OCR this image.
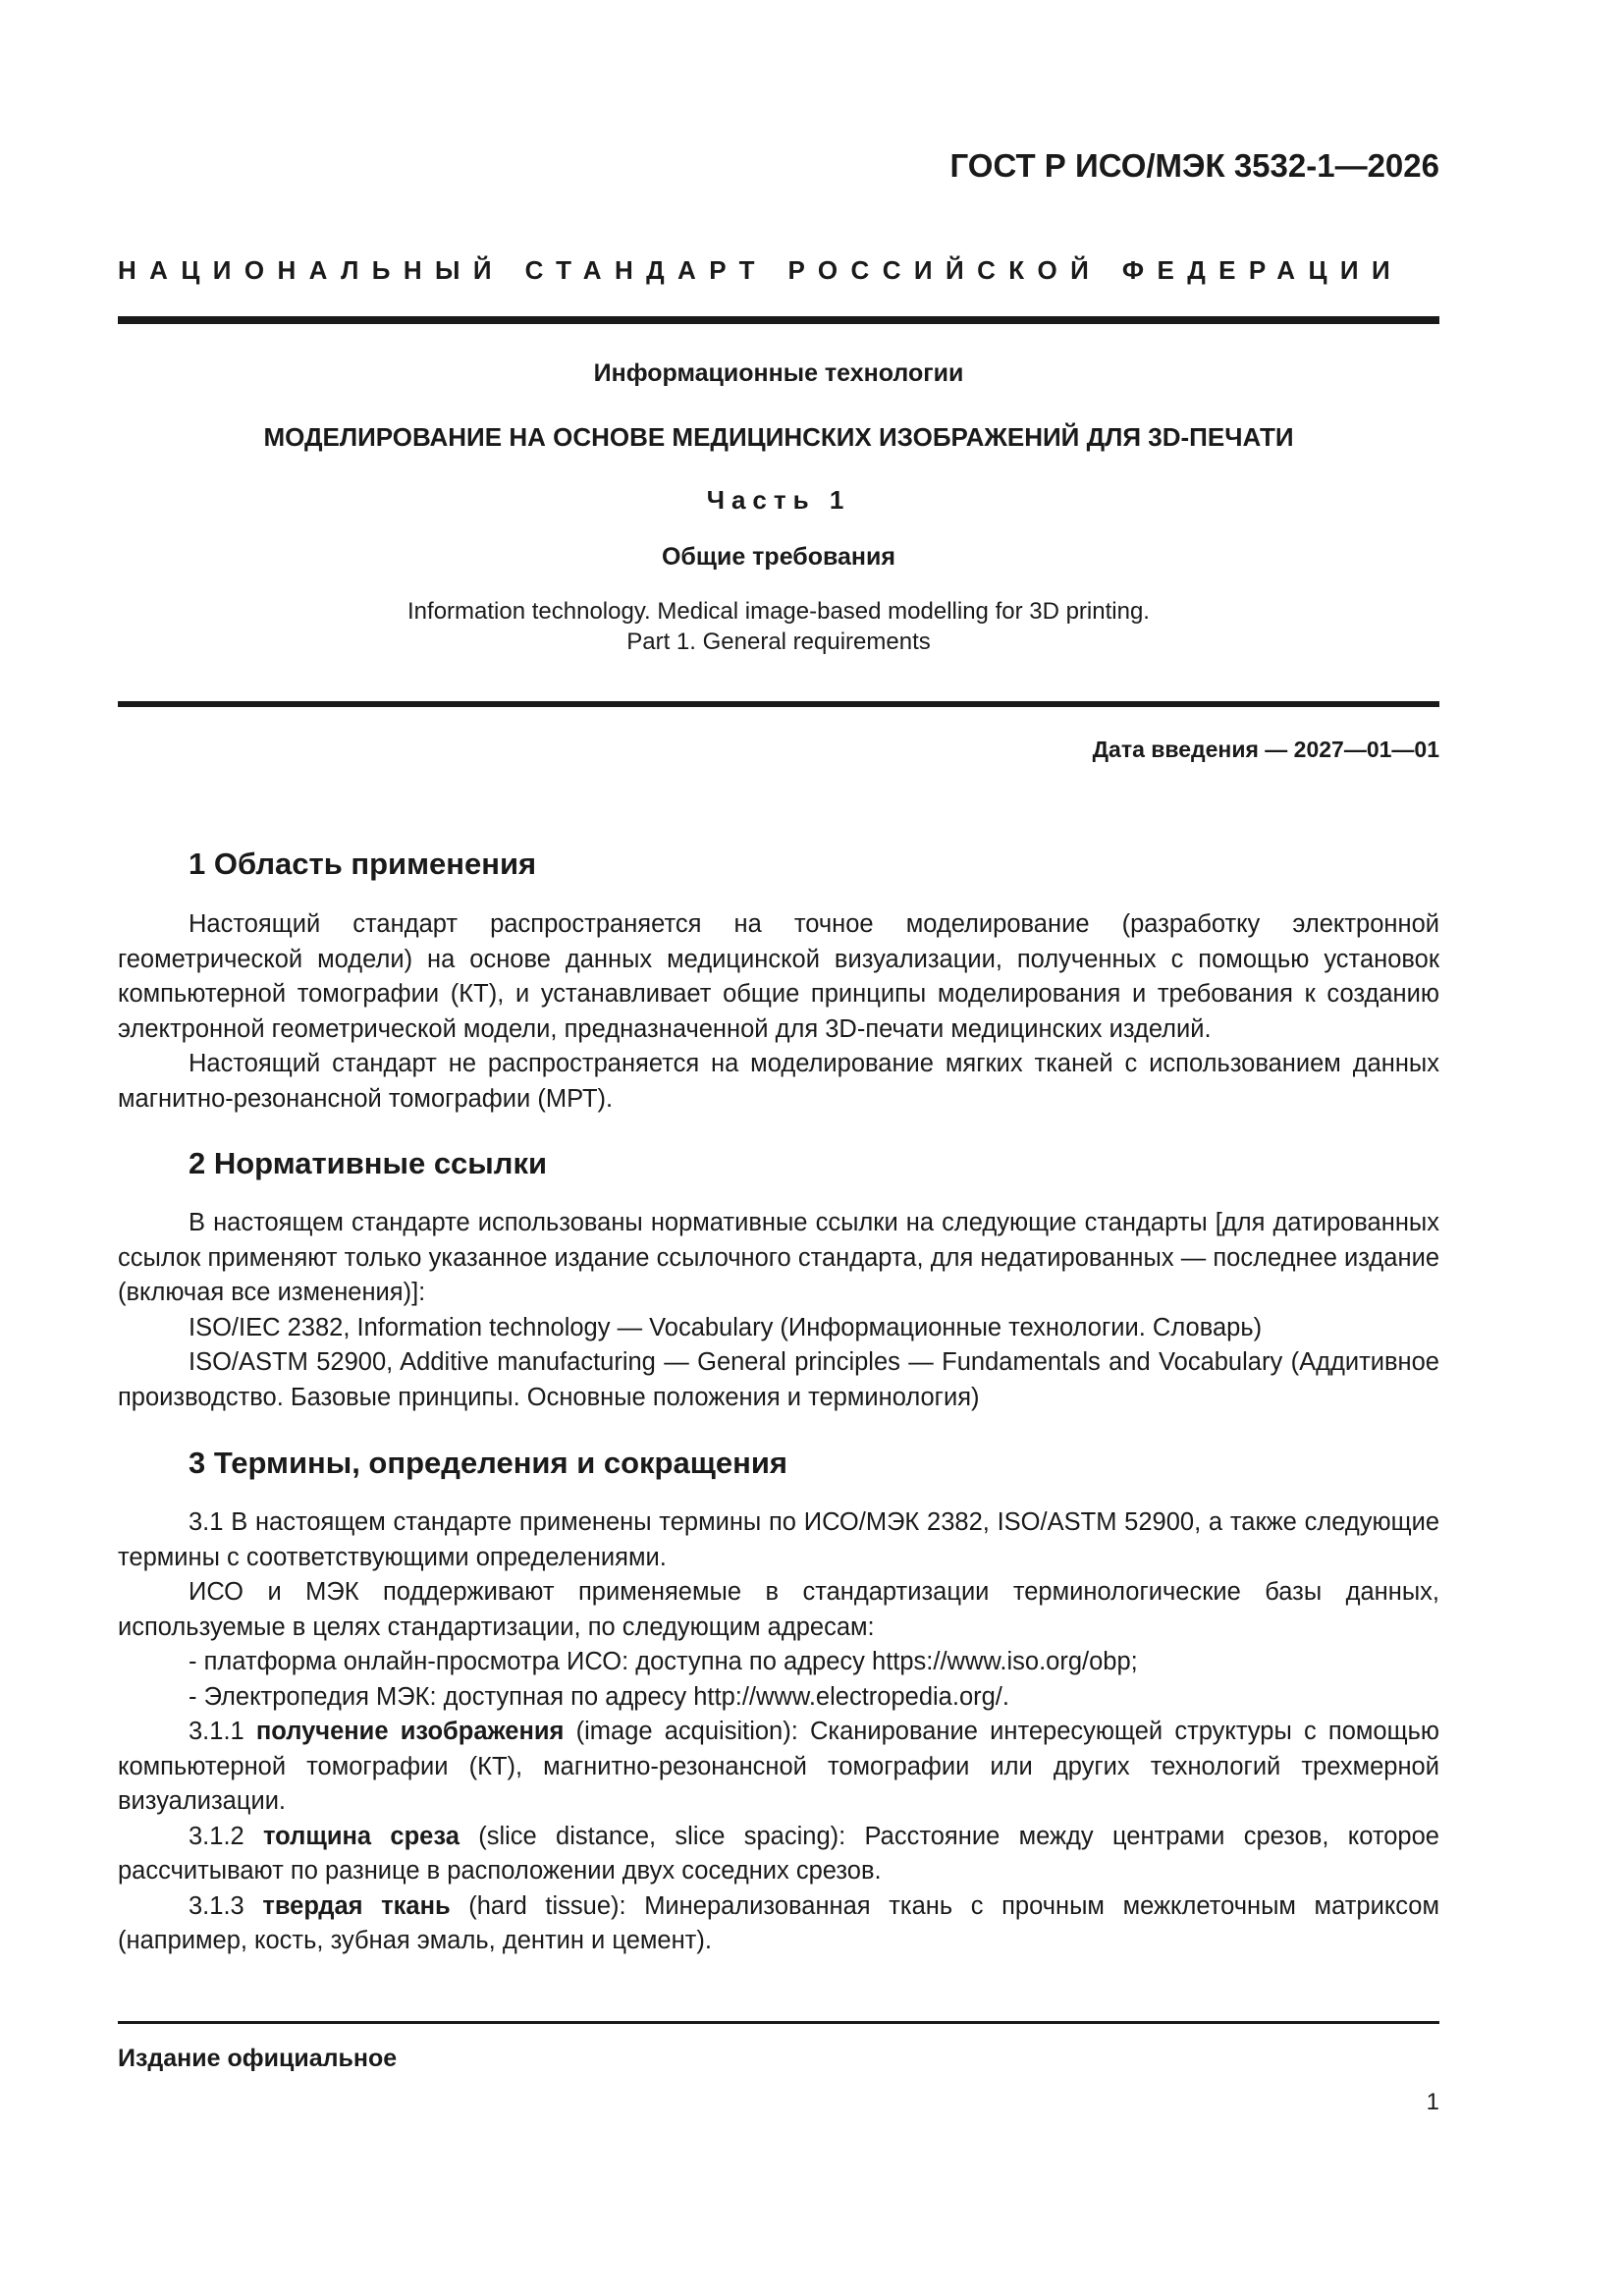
ГОСТ Р ИСО/МЭК 3532-1—2026
НАЦИОНАЛЬНЫЙ СТАНДАРТ РОССИЙСКОЙ ФЕДЕРАЦИИ
Информационные технологии
МОДЕЛИРОВАНИЕ НА ОСНОВЕ МЕДИЦИНСКИХ ИЗОБРАЖЕНИЙ ДЛЯ 3D-ПЕЧАТИ
Часть 1
Общие требования
Information technology. Medical image-based modelling for 3D printing.
Part 1. General requirements
Дата введения — 2027—01—01
1 Область применения

Настоящий стандарт распространяется на точное моделирование (разработку электронной геометрической модели) на основе данных медицинской визуализации, полученных с помощью установок компьютерной томографии (КТ), и устанавливает общие принципы моделирования и требования к созданию электронной геометрической модели, предназначенной для 3D-печати медицинских изделий.

Настоящий стандарт не распространяется на моделирование мягких тканей с использованием данных магнитно-резонансной томографии (МРТ).

2 Нормативные ссылки

В настоящем стандарте использованы нормативные ссылки на следующие стандарты [для датированных ссылок применяют только указанное издание ссылочного стандарта, для недатированных — последнее издание (включая все изменения)]:

ISO/IEC 2382, Information technology — Vocabulary (Информационные технологии. Словарь)

ISO/ASTM 52900, Additive manufacturing — General principles — Fundamentals and Vocabulary (Аддитивное производство. Базовые принципы. Основные положения и терминология)

3 Термины, определения и сокращения

3.1 В настоящем стандарте применены термины по ИСО/МЭК 2382, ISO/ASTM 52900, а также следующие термины с соответствующими определениями.

ИСО и МЭК поддерживают применяемые в стандартизации терминологические базы данных, используемые в целях стандартизации, по следующим адресам:

- платформа онлайн-просмотра ИСО: доступна по адресу https://www.iso.org/obp;

- Электропедия МЭК: доступная по адресу http://www.electropedia.org/.

3.1.1 получение изображения (image acquisition): Сканирование интересующей структуры с помощью компьютерной томографии (КТ), магнитно-резонансной томографии или других технологий трехмерной визуализации.

3.1.2 толщина среза (slice distance, slice spacing): Расстояние между центрами срезов, которое рассчитывают по разнице в расположении двух соседних срезов.

3.1.3 твердая ткань (hard tissue): Минерализованная ткань с прочным межклеточным матриксом (например, кость, зубная эмаль, дентин и цемент).

Издание официальное
1
